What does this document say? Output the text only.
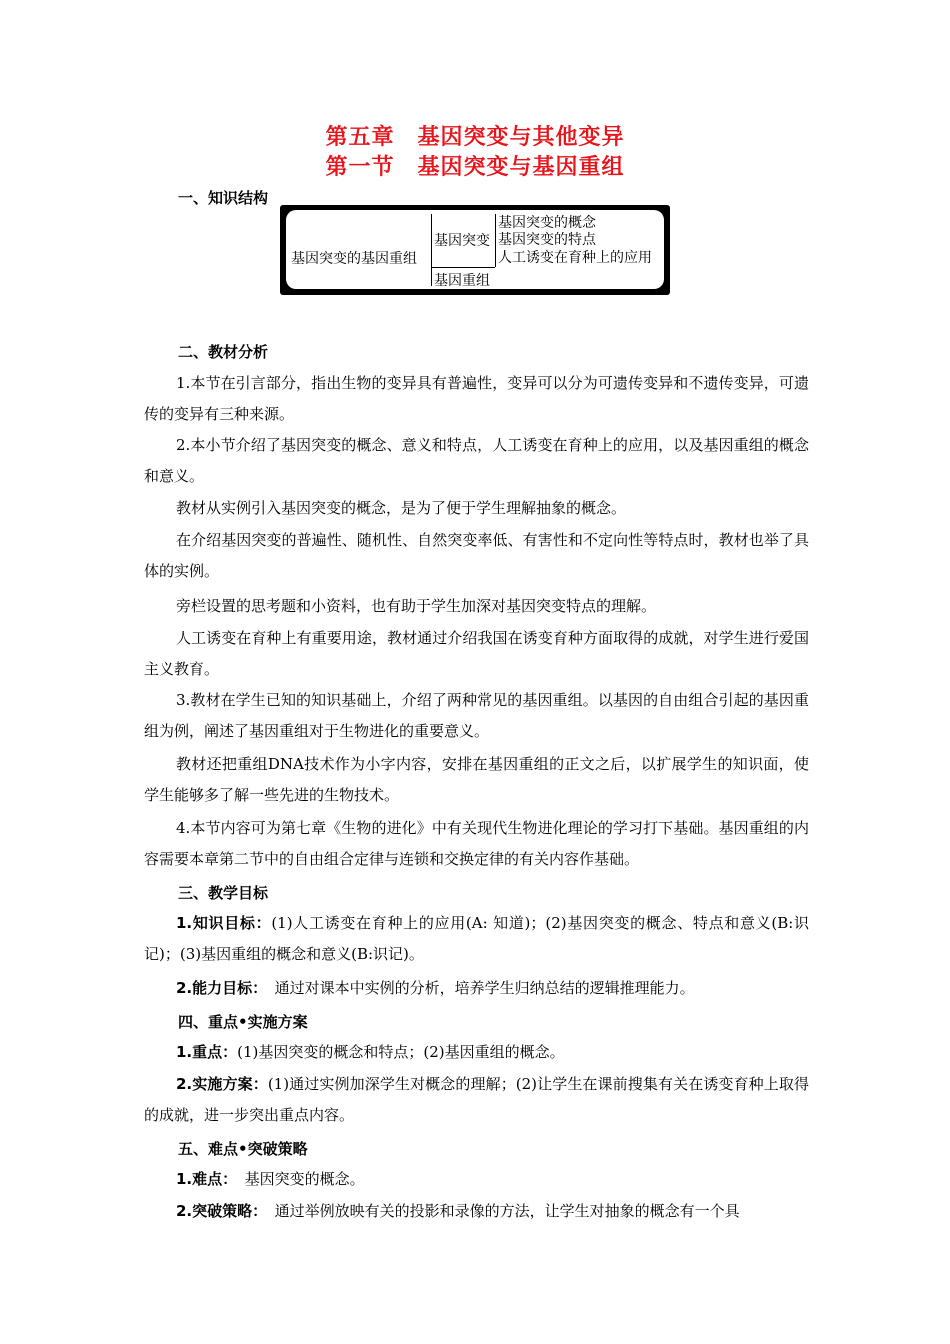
第五章　基因突变与其他变异
第一节　基因突变与基因重组
一、知识结构
基因突变的基因重组
基因突变
基因重组
基因突变的概念
基因突变的特点
人工诱变在育种上的应用
二、教材分析
1.本节在引言部分，指出生物的变异具有普遍性，变异可以分为可遗传变异和不遗传变异，可遗传的变异有三种来源。
2.本小节介绍了基因突变的概念、意义和特点，人工诱变在育种上的应用，以及基因重组的概念和意义。
教材从实例引入基因突变的概念，是为了便于学生理解抽象的概念。
在介绍基因突变的普遍性、随机性、自然突变率低、有害性和不定向性等特点时，教材也举了具体的实例。
旁栏设置的思考题和小资料，也有助于学生加深对基因突变特点的理解。
人工诱变在育种上有重要用途，教材通过介绍我国在诱变育种方面取得的成就，对学生进行爱国主义教育。
3.教材在学生已知的知识基础上，介绍了两种常见的基因重组。以基因的自由组合引起的基因重组为例，阐述了基因重组对于生物进化的重要意义。
教材还把重组DNA技术作为小字内容，安排在基因重组的正文之后，以扩展学生的知识面，使学生能够多了解一些先进的生物技术。
4.本节内容可为第七章《生物的进化》中有关现代生物进化理论的学习打下基础。基因重组的内容需要本章第二节中的自由组合定律与连锁和交换定律的有关内容作基础。
三、教学目标
1.知识目标：(1)人工诱变在育种上的应用(A: 知道)；(2)基因突变的概念、特点和意义(B:识记)；(3)基因重组的概念和意义(B:识记)。
2.能力目标：　通过对课本中实例的分析，培养学生归纳总结的逻辑推理能力。
四、重点•实施方案
1.重点：(1)基因突变的概念和特点；(2)基因重组的概念。
2.实施方案：(1)通过实例加深学生对概念的理解；(2)让学生在课前搜集有关在诱变育种上取得的成就，进一步突出重点内容。
五、难点•突破策略
1.难点：　基因突变的概念。
2.突破策略：　通过举例放映有关的投影和录像的方法，让学生对抽象的概念有一个具
